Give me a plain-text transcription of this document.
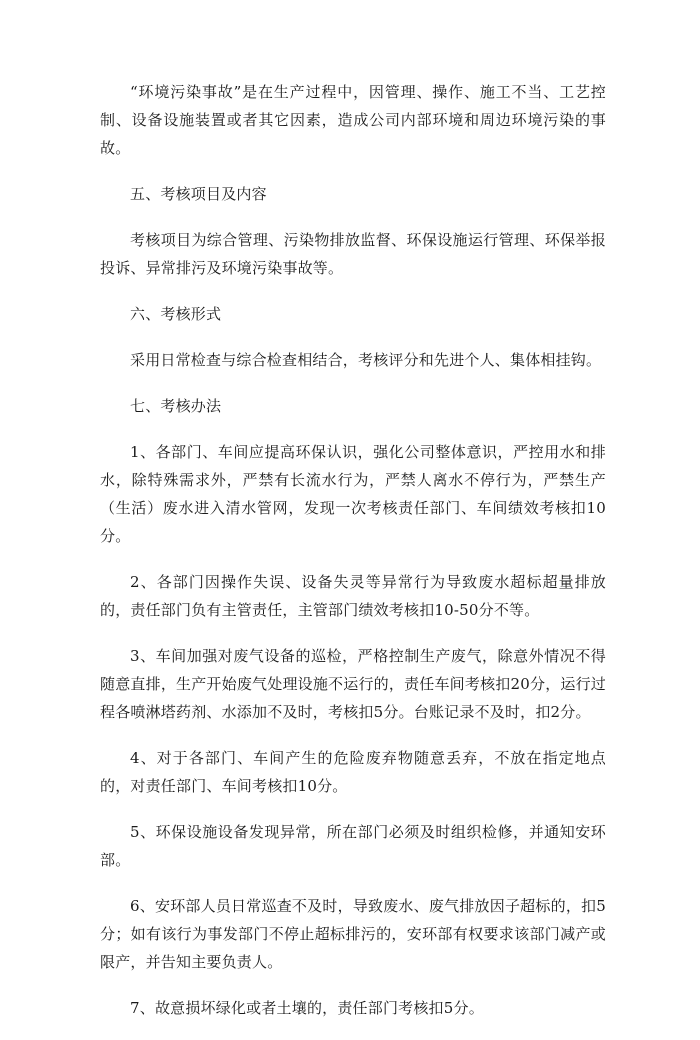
“环境污染事故”是在生产过程中，因管理、操作、施工不当、工艺控制、设备设施装置或者其它因素，造成公司内部环境和周边环境污染的事故。

五、考核项目及内容

考核项目为综合管理、污染物排放监督、环保设施运行管理、环保举报投诉、异常排污及环境污染事故等。

六、考核形式

采用日常检查与综合检查相结合，考核评分和先进个人、集体相挂钩。

七、考核办法

1、各部门、车间应提高环保认识，强化公司整体意识，严控用水和排水，除特殊需求外，严禁有长流水行为，严禁人离水不停行为，严禁生产（生活）废水进入清水管网，发现一次考核责任部门、车间绩效考核扣10分。

2、各部门因操作失误、设备失灵等异常行为导致废水超标超量排放的，责任部门负有主管责任，主管部门绩效考核扣10-50分不等。

3、车间加强对废气设备的巡检，严格控制生产废气，除意外情况不得随意直排，生产开始废气处理设施不运行的，责任车间考核扣20分，运行过程各喷淋塔药剂、水添加不及时，考核扣5分。台账记录不及时，扣2分。

4、对于各部门、车间产生的危险废弃物随意丢弃，不放在指定地点的，对责任部门、车间考核扣10分。

5、环保设施设备发现异常，所在部门必须及时组织检修，并通知安环部。

6、安环部人员日常巡查不及时，导致废水、废气排放因子超标的，扣5分；如有该行为事发部门不停止超标排污的，安环部有权要求该部门减产或限产，并告知主要负责人。

7、故意损坏绿化或者土壤的，责任部门考核扣5分。
